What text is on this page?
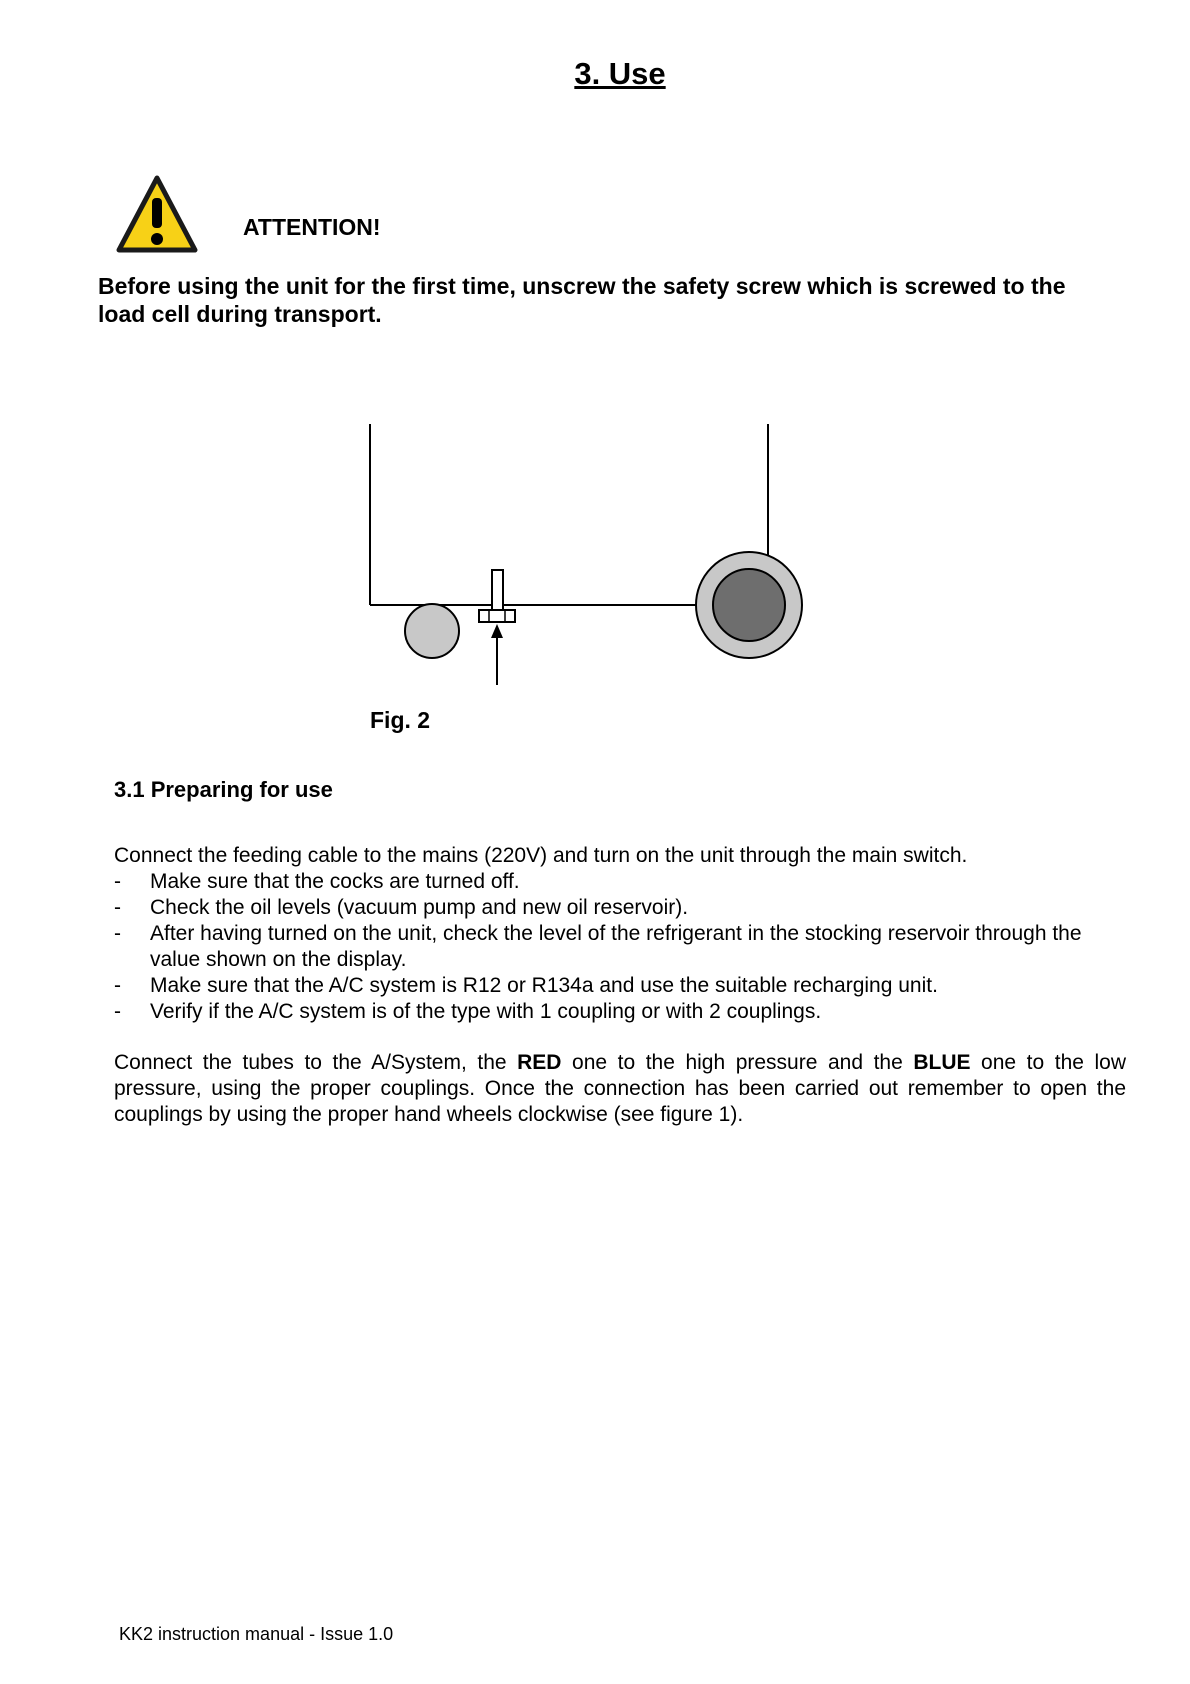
3. Use
ATTENTION!
Before using the unit for the first time, unscrew the safety screw which is screwed to the load cell during transport.
Fig. 2
3.1 Preparing for use
Connect the feeding cable to the mains (220V) and turn on the unit through the main switch.
- Make sure that the cocks are turned off.
- Check the oil levels (vacuum pump and new oil reservoir).
- After having turned on the unit, check the level of the refrigerant in the stocking reservoir through the value shown on the display.
- Make sure that the A/C system is R12 or R134a and use the suitable recharging unit.
- Verify if the A/C system is of the type with 1 coupling or with 2 couplings.

Connect the tubes to the A/System, the RED one to the high pressure and the BLUE one to the low pressure, using the proper couplings. Once the connection has been carried out remember to open the couplings by using the proper hand wheels clockwise (see figure 1).

KK2 instruction manual - Issue 1.0
